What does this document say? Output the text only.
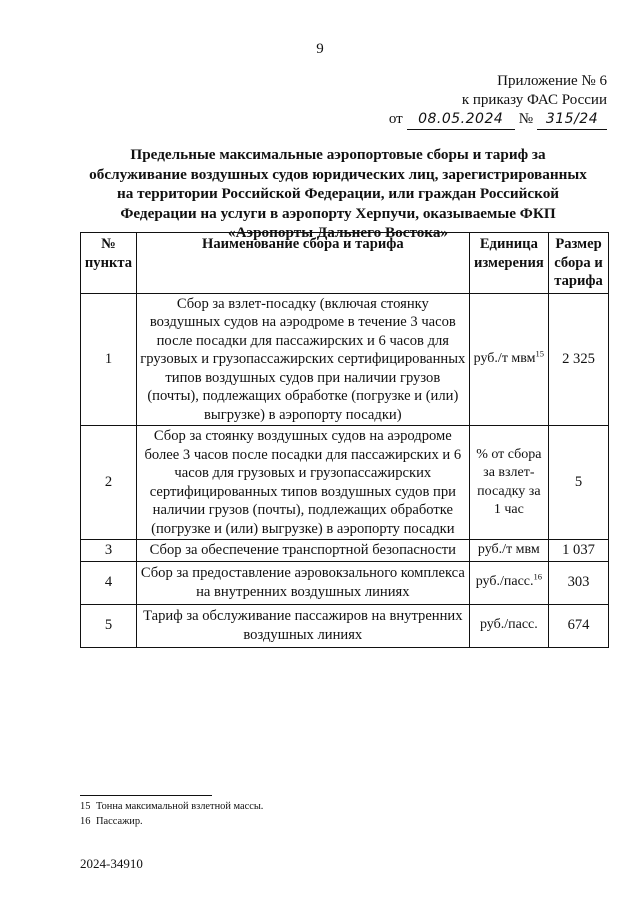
9
Приложение № 6
к приказу ФАС России
от	08.05.2024	№ 315/24
Предельные максимальные аэропортовые сборы и тариф за обслуживание воздушных судов юридических лиц, зарегистрированных на территории Российской Федерации, или граждан Российской Федерации на услуги в аэропорту Херпучи, оказываемые ФКП «Аэропорты Дальнего Востока»
№ пункта	Наименование сбора и тарифа	Единица измерения	Размер сбора и тарифа
1	Сбор за взлет-посадку (включая стоянку воздушных судов на аэродроме в течение 3 часов после посадки для пассажирских и 6 часов для грузовых и грузопассажирских сертифицированных типов воздушных судов при наличии грузов (почты), подлежащих обработке (погрузке и (или) выгрузке) в аэропорту посадки)	руб./т мвм$^{15}$	2 325
2	Сбор за стоянку воздушных судов на аэродроме более 3 часов после посадки для пассажирских и 6 часов для грузовых и грузопассажирских сертифицированных типов воздушных судов при наличии грузов (почты), подлежащих обработке (погрузке и (или) выгрузке) в аэропорту посадки	% от сбора за взлет-посадку за 1 час	5
3	Сбор за обеспечение транспортной безопасности	руб./т мвм	1 037
4	Сбор за предоставление аэровокзального комплекса на внутренних воздушных линиях	руб./пасс.$^{16}$	303
5	Тариф за обслуживание пассажиров на внутренних воздушных линиях	руб./пасс.	674
15 Тонна максимальной взлетной массы.
16 Пассажир.
2024-34910
